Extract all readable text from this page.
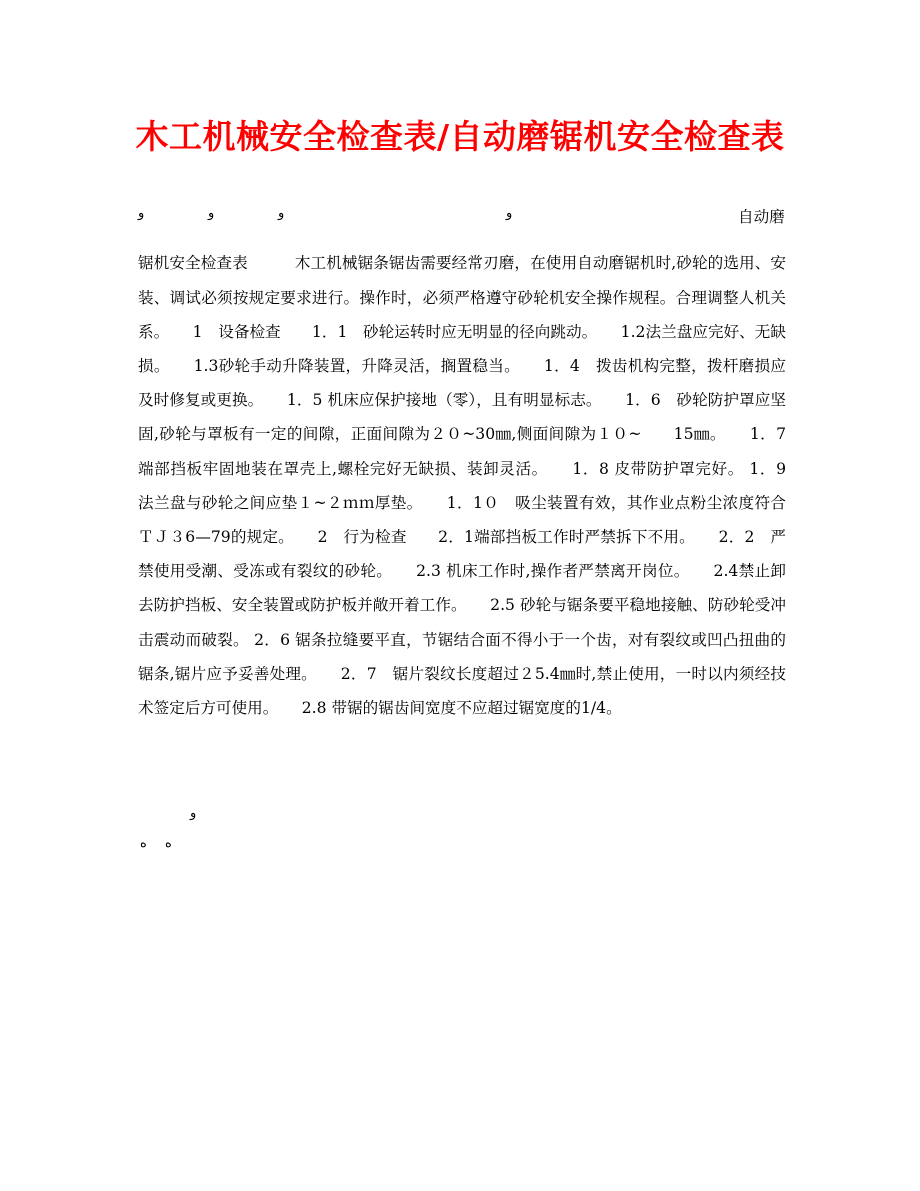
木工机械安全检查表/自动磨锯机安全检查表
و	و	و	و	自动磨

锯机安全检查表　　　木工机械锯条锯齿需要经常刃磨，在使用自动磨锯机时,砂轮的选用、安装、调试必须按规定要求进行。操作时，必须严格遵守砂轮机安全操作规程。合理调整人机关系。　　1　设备检查　　1．1　砂轮运转时应无明显的径向跳动。　　1.2法兰盘应完好、无缺损。　　1.3砂轮手动升降装置，升降灵活，搁置稳当。　　1．4　拨齿机构完整，拨杆磨损应及时修复或更换。　　1．5 机床应保护接地（零），且有明显标志。　　1．6　砂轮防护罩应坚固,砂轮与罩板有一定的间隙，正面间隙为２０~30㎜,侧面间隙为１０~　　15㎜。　　1．7　端部挡板牢固地装在罩壳上,螺栓完好无缺损、装卸灵活。　　1．8 皮带防护罩完好。 1．9　法兰盘与砂轮之间应垫１~２ｍｍ厚垫。　　1．1０　吸尘装置有效，其作业点粉尘浓度符合ＴＪ３6—79的规定。　　2　行为检查　　2．1端部挡板工作时严禁拆下不用。　　2．2　严禁使用受潮、受冻或有裂纹的砂轮。　　2.3 机床工作时,操作者严禁离开岗位。　　2.4禁止卸去防护挡板、安全装置或防护板并敞开着工作。　　2.5 砂轮与锯条要平稳地接触、防砂轮受冲击震动而破裂。 2．6 锯条拉缝要平直，节锯结合面不得小于一个齿，对有裂纹或凹凸扭曲的锯条,锯片应予妥善处理。　　2．7　锯片裂纹长度超过２5.4㎜时,禁止使用，一时以内须经技术签定后方可使用。　　2.8 带锯的锯齿间宽度不应超过锯宽度的1/4。

و
ه ه
